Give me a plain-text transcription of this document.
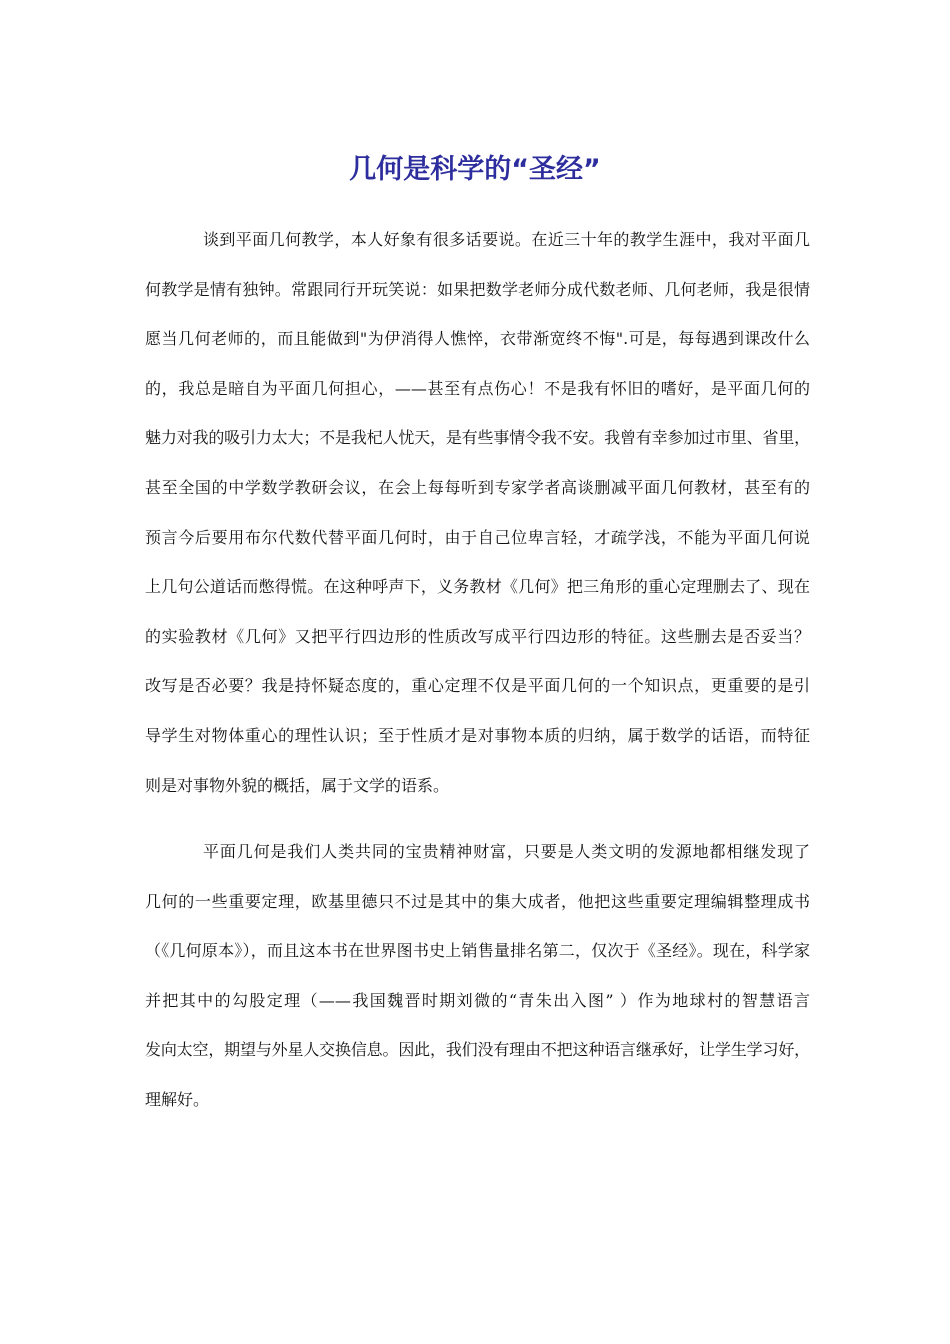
几何是科学的“圣经”
谈到平面几何教学，本人好象有很多话要说。在近三十年的教学生涯中，我对平面几
何教学是情有独钟。常跟同行开玩笑说：如果把数学老师分成代数老师、几何老师，我是很情
愿当几何老师的，而且能做到"为伊消得人憔悴，衣带渐宽终不悔".可是，每每遇到课改什么
的，我总是暗自为平面几何担心，——甚至有点伤心！不是我有怀旧的嗜好，是平面几何的
魅力对我的吸引力太大；不是我杞人忧天，是有些事情令我不安。我曾有幸参加过市里、省里，
甚至全国的中学数学教研会议，在会上每每听到专家学者高谈删减平面几何教材，甚至有的
预言今后要用布尔代数代替平面几何时，由于自己位卑言轻，才疏学浅，不能为平面几何说
上几句公道话而憋得慌。在这种呼声下，义务教材《几何》把三角形的重心定理删去了、现在
的实验教材《几何》又把平行四边形的性质改写成平行四边形的特征。这些删去是否妥当？
改写是否必要？我是持怀疑态度的，重心定理不仅是平面几何的一个知识点，更重要的是引
导学生对物体重心的理性认识；至于性质才是对事物本质的归纳，属于数学的话语，而特征
则是对事物外貌的概括，属于文学的语系。
平面几何是我们人类共同的宝贵精神财富，只要是人类文明的发源地都相继发现了
几何的一些重要定理，欧基里德只不过是其中的集大成者，他把这些重要定理编辑整理成书
（《几何原本》），而且这本书在世界图书史上销售量排名第二，仅次于《圣经》。现在，科学家
并把其中的勾股定理（——我国魏晋时期刘微的“青朱出入图” ）作为地球村的智慧语言
发向太空，期望与外星人交换信息。因此，我们没有理由不把这种语言继承好，让学生学习好，
理解好。
